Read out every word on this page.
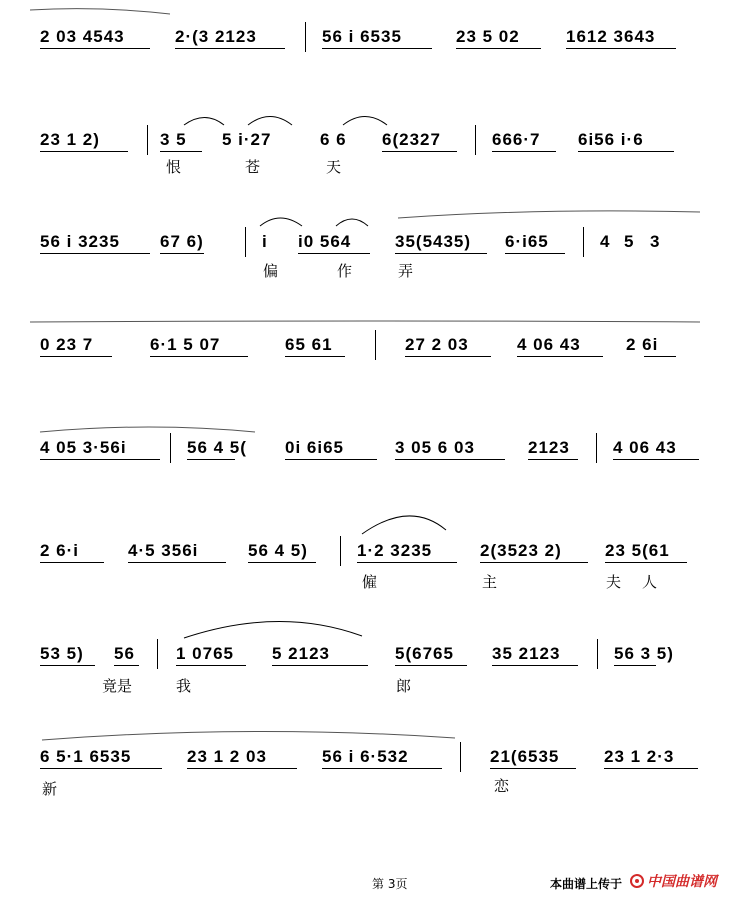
2 03 4543	2·(3 2123	56 i 6535	23 5 02	1612 3643
23 1 2)	3 5 5 i·27	6 6 6(2327	666·7 6i56 i·6
恨	苍	天
56 i 3235 67 6)	i i0 564	35(5435) 6·i65	4 5 3
偏	作	弄
0 23 7	6·1 5 07	65 61	27 2 03	4 06 43	2 6i
4 05 3·56i	56 4 5( 0i 6i65	3 05 6 03	2123	4 06 43
2 6·i	4·5 356i	56 4 5)	1·2 3235	2(3523 2)	23 5(61
僱	主	夫 人
53 5) 56 1 0765 5 2123	5(6765 35 2123	56 3 5)
竟是	我	郎
6 5·1 6535	23 1 2 03	56 i 6·532	21(6535	23 1 2·3
新	恋
第 3页	本曲谱上传于 中国曲谱网
